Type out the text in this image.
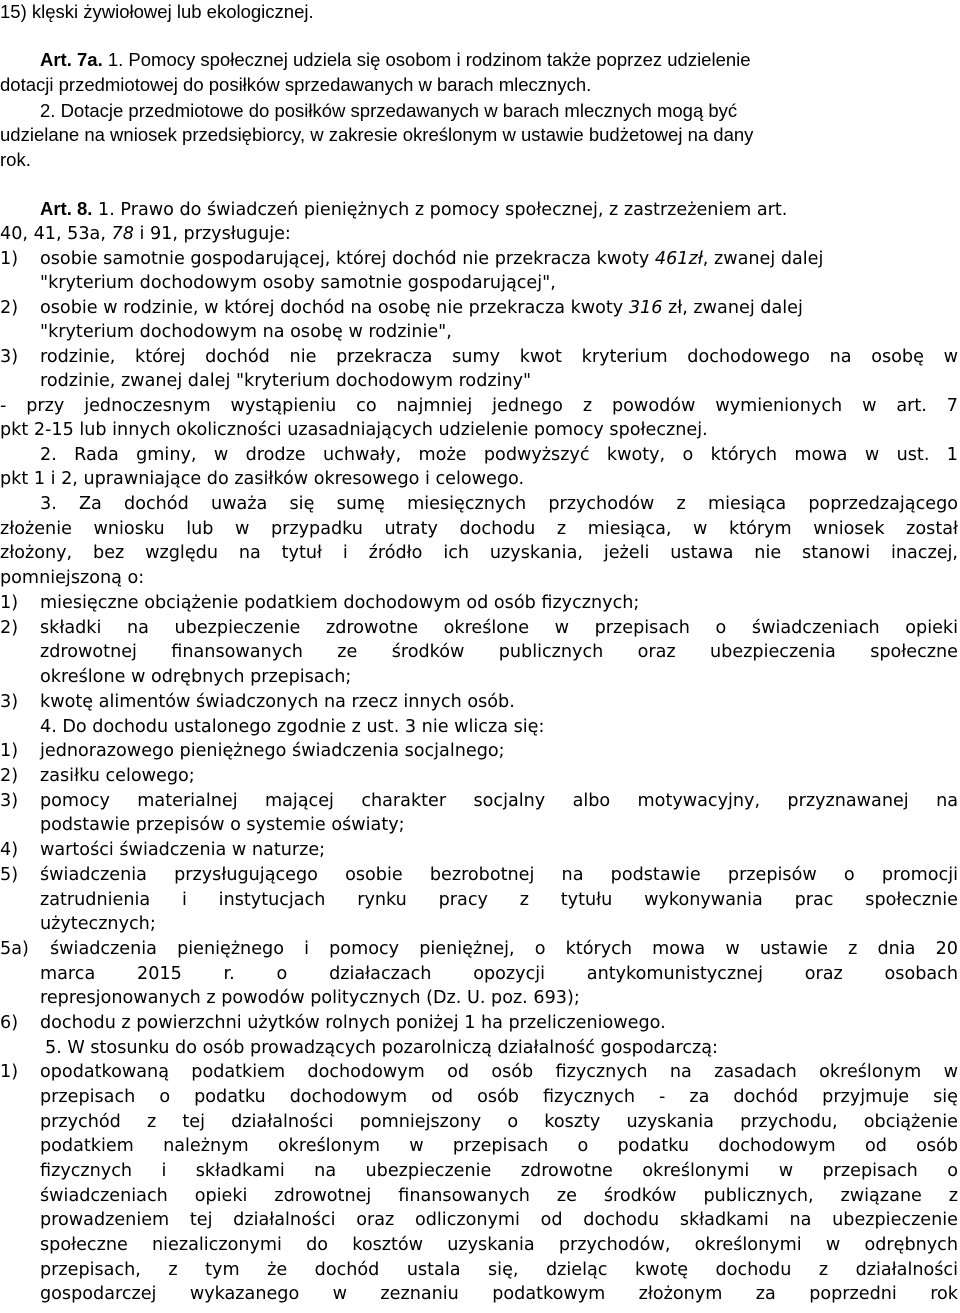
15) klęski żywiołowej lub ekologicznej.
Art. 7a. 1. Pomocy społecznej udziela się osobom i rodzinom także poprzez udzielenie
dotacji przedmiotowej do posiłków sprzedawanych w barach mlecznych.
2. Dotacje przedmiotowe do posiłków sprzedawanych w barach mlecznych mogą być
udzielane na wniosek przedsiębiorcy, w zakresie określonym w ustawie budżetowej na dany
rok.
Art. 8. 1. Prawo do świadczeń pieniężnych z pomocy społecznej, z zastrzeżeniem art.
40, 41, 53a, 78 i 91, przysługuje:
1) osobie samotnie gospodarującej, której dochód nie przekracza kwoty 461zł, zwanej dalej
"kryterium dochodowym osoby samotnie gospodarującej",
2) osobie w rodzinie, w której dochód na osobę nie przekracza kwoty 316 zł, zwanej dalej
"kryterium dochodowym na osobę w rodzinie",
3) rodzinie, której dochód nie przekracza sumy kwot kryterium dochodowego na osobę w
rodzinie, zwanej dalej "kryterium dochodowym rodziny"
- przy jednoczesnym wystąpieniu co najmniej jednego z powodów wymienionych w art. 7
pkt 2-15 lub innych okoliczności uzasadniających udzielenie pomocy społecznej.
2. Rada gminy, w drodze uchwały, może podwyższyć kwoty, o których mowa w ust. 1
pkt 1 i 2, uprawniające do zasiłków okresowego i celowego.
3. Za dochód uważa się sumę miesięcznych przychodów z miesiąca poprzedzającego
złożenie wniosku lub w przypadku utraty dochodu z miesiąca, w którym wniosek został
złożony, bez względu na tytuł i źródło ich uzyskania, jeżeli ustawa nie stanowi inaczej,
pomniejszoną o:
1) miesięczne obciążenie podatkiem dochodowym od osób fizycznych;
2) składki na ubezpieczenie zdrowotne określone w przepisach o świadczeniach opieki
zdrowotnej finansowanych ze środków publicznych oraz ubezpieczenia społeczne
określone w odrębnych przepisach;
3) kwotę alimentów świadczonych na rzecz innych osób.
4. Do dochodu ustalonego zgodnie z ust. 3 nie wlicza się:
1) jednorazowego pieniężnego świadczenia socjalnego;
2) zasiłku celowego;
3) pomocy materialnej mającej charakter socjalny albo motywacyjny, przyznawanej na
podstawie przepisów o systemie oświaty;
4) wartości świadczenia w naturze;
5) świadczenia przysługującego osobie bezrobotnej na podstawie przepisów o promocji
zatrudnienia i instytucjach rynku pracy z tytułu wykonywania prac społecznie
użytecznych;
5a) świadczenia pieniężnego i pomocy pieniężnej, o których mowa w ustawie z dnia 20
marca 2015 r. o działaczach opozycji antykomunistycznej oraz osobach
represjonowanych z powodów politycznych (Dz. U. poz. 693);
6) dochodu z powierzchni użytków rolnych poniżej 1 ha przeliczeniowego.
5. W stosunku do osób prowadzących pozarolniczą działalność gospodarczą:
1) opodatkowaną podatkiem dochodowym od osób fizycznych na zasadach określonym w
przepisach o podatku dochodowym od osób fizycznych - za dochód przyjmuje się
przychód z tej działalności pomniejszony o koszty uzyskania przychodu, obciążenie
podatkiem należnym określonym w przepisach o podatku dochodowym od osób
fizycznych i składkami na ubezpieczenie zdrowotne określonymi w przepisach o
świadczeniach opieki zdrowotnej finansowanych ze środków publicznych, związane z
prowadzeniem tej działalności oraz odliczonymi od dochodu składkami na ubezpieczenie
społeczne niezaliczonymi do kosztów uzyskania przychodów, określonymi w odrębnych
przepisach, z tym że dochód ustala się, dzieląc kwotę dochodu z działalności
gospodarczej wykazanego w zeznaniu podatkowym złożonym za poprzedni rok
